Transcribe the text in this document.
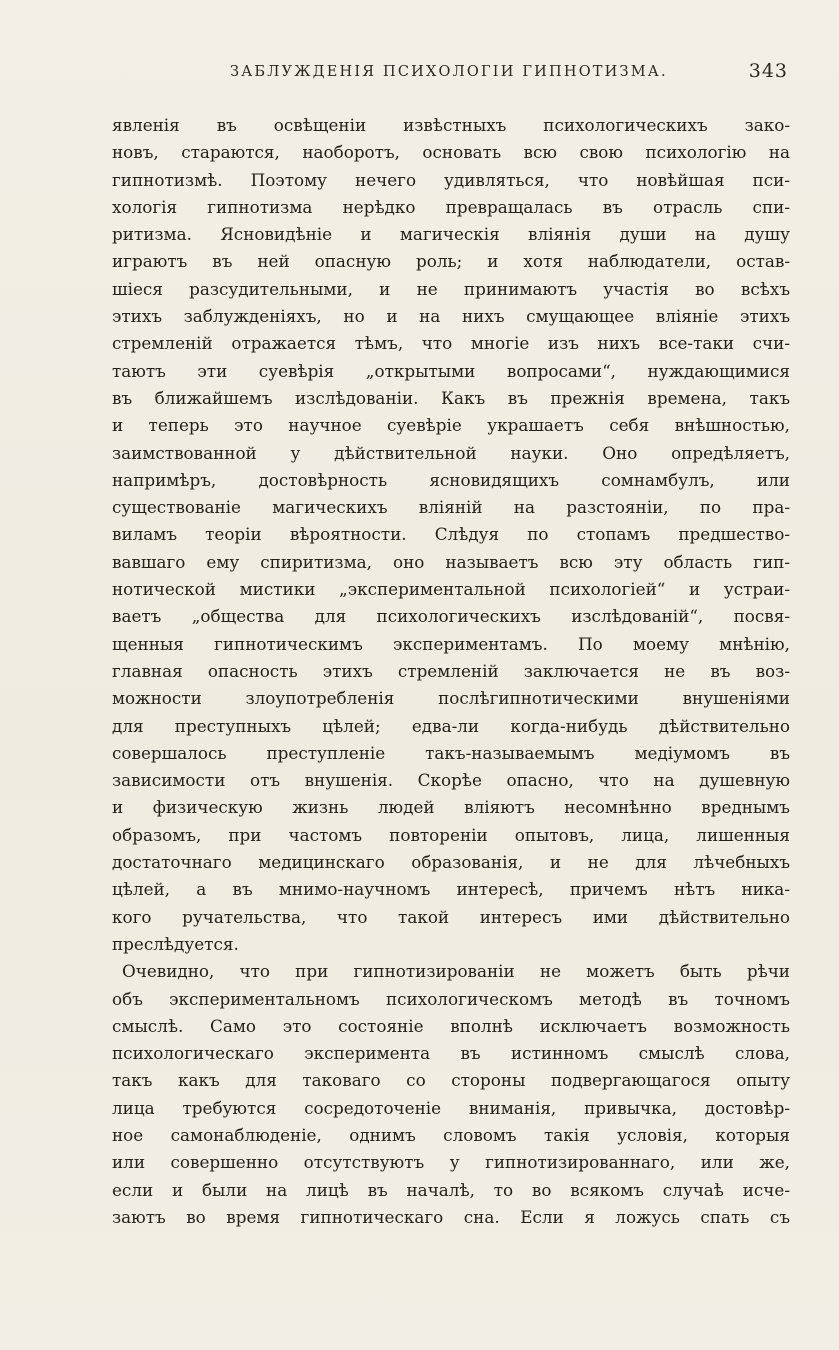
ЗАБЛУЖДЕНІЯ ПСИХОЛОГІИ ГИПНОТИЗМА.	343
явленія въ освѣщеніи извѣстныхъ психологическихъ зако-
новъ, стараются, наоборотъ, основать всю свою психологію на
гипнотизмѣ. Поэтому нечего удивляться, что новѣйшая пси-
хологія гипнотизма нерѣдко превращалась въ отрасль спи-
ритизма. Ясновидѣніе и магическія вліянія души на душу
играютъ въ ней опасную роль; и хотя наблюдатели, остав-
шіеся разсудительными, и не принимаютъ участія во всѣхъ
этихъ заблужденіяхъ, но и на нихъ смущающее вліяніе этихъ
стремленій отражается тѣмъ, что многіе изъ нихъ все-таки счи-
таютъ эти суевѣрія „открытыми вопросами“, нуждающимися
въ ближайшемъ изслѣдованіи. Какъ въ прежнія времена, такъ
и теперь это научное суевѣріе украшаетъ себя внѣшностью,
заимствованной у дѣйствительной науки. Оно опредѣляетъ,
напримѣръ, достовѣрность ясновидящихъ сомнамбулъ, или
существованіе магическихъ вліяній на разстояніи, по пра-
виламъ теоріи вѣроятности. Слѣдуя по стопамъ предшество-
вавшаго ему спиритизма, оно называетъ всю эту область гип-
нотической мистики „экспериментальной психологіей“ и устраи-
ваетъ „общества для психологическихъ изслѣдованій“, посвя-
щенныя гипнотическимъ экспериментамъ. По моему мнѣнію,
главная опасность этихъ стремленій заключается не въ воз-
можности злоупотребленія послѣгипнотическими внушеніями
для преступныхъ цѣлей; едва-ли когда-нибудь дѣйствительно
совершалось преступленіе такъ-называемымъ медіумомъ въ
зависимости отъ внушенія. Скорѣе опасно, что на душевную
и физическую жизнь людей вліяютъ несомнѣнно вреднымъ
образомъ, при частомъ повтореніи опытовъ, лица, лишенныя
достаточнаго медицинскаго образованія, и не для лѣчебныхъ
цѣлей, а въ мнимо-научномъ интересѣ, причемъ нѣтъ ника-
кого ручательства, что такой интересъ ими дѣйствительно
преслѣдуется.
Очевидно, что при гипнотизированіи не можетъ быть рѣчи
объ экспериментальномъ психологическомъ методѣ въ точномъ
смыслѣ. Само это состояніе вполнѣ исключаетъ возможность
психологическаго эксперимента въ истинномъ смыслѣ слова,
такъ какъ для таковаго со стороны подвергающагося опыту
лица требуются сосредоточеніе вниманія, привычка, достовѣр-
ное самонаблюденіе, однимъ словомъ такія условія, которыя
или совершенно отсутствуютъ у гипнотизированнаго, или же,
если и были на лицѣ въ началѣ, то во всякомъ случаѣ исче-
заютъ во время гипнотическаго сна. Если я ложусь спать съ
